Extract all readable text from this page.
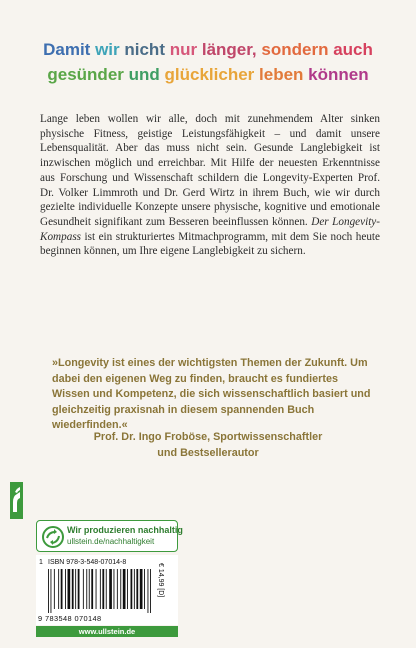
Damit wir nicht nur länger, sondern auch
gesünder und glücklicher leben können
Lange leben wollen wir alle, doch mit zunehmendem Alter sinken physische Fitness, geistige Leistungsfähigkeit – und damit unsere Lebensqualität. Aber das muss nicht sein. Gesunde Langlebigkeit ist inzwischen möglich und erreichbar. Mit Hilfe der neuesten Erkenntnisse aus Forschung und Wissenschaft schildern die Longevity-Experten Prof. Dr. Volker Limmroth und Dr. Gerd Wirtz in ihrem Buch, wie wir durch gezielte individuelle Konzepte unsere physische, kognitive und emotionale Gesundheit signifikant zum Besseren beeinflussen können. Der Longevity-Kompass ist ein strukturiertes Mitmachprogramm, mit dem Sie noch heute beginnen können, um Ihre eigene Langlebigkeit zu sichern.
»Longevity ist eines der wichtigsten Themen der Zukunft. Um dabei den eigenen Weg zu finden, braucht es fundiertes Wissen und Kompetenz, die sich wissenschaftlich basiert und gleichzeitig praxisnah in diesem spannenden Buch wiederfinden.«
Prof. Dr. Ingo Froböse, Sportwissenschaftler
und Bestsellerautor
Wir produzieren nachhaltig
ullstein.de/nachhaltigkeit
1 ISBN 978-3-548-07014-8
9 783548 070148
€ 14,99 [D]
www.ullstein.de
